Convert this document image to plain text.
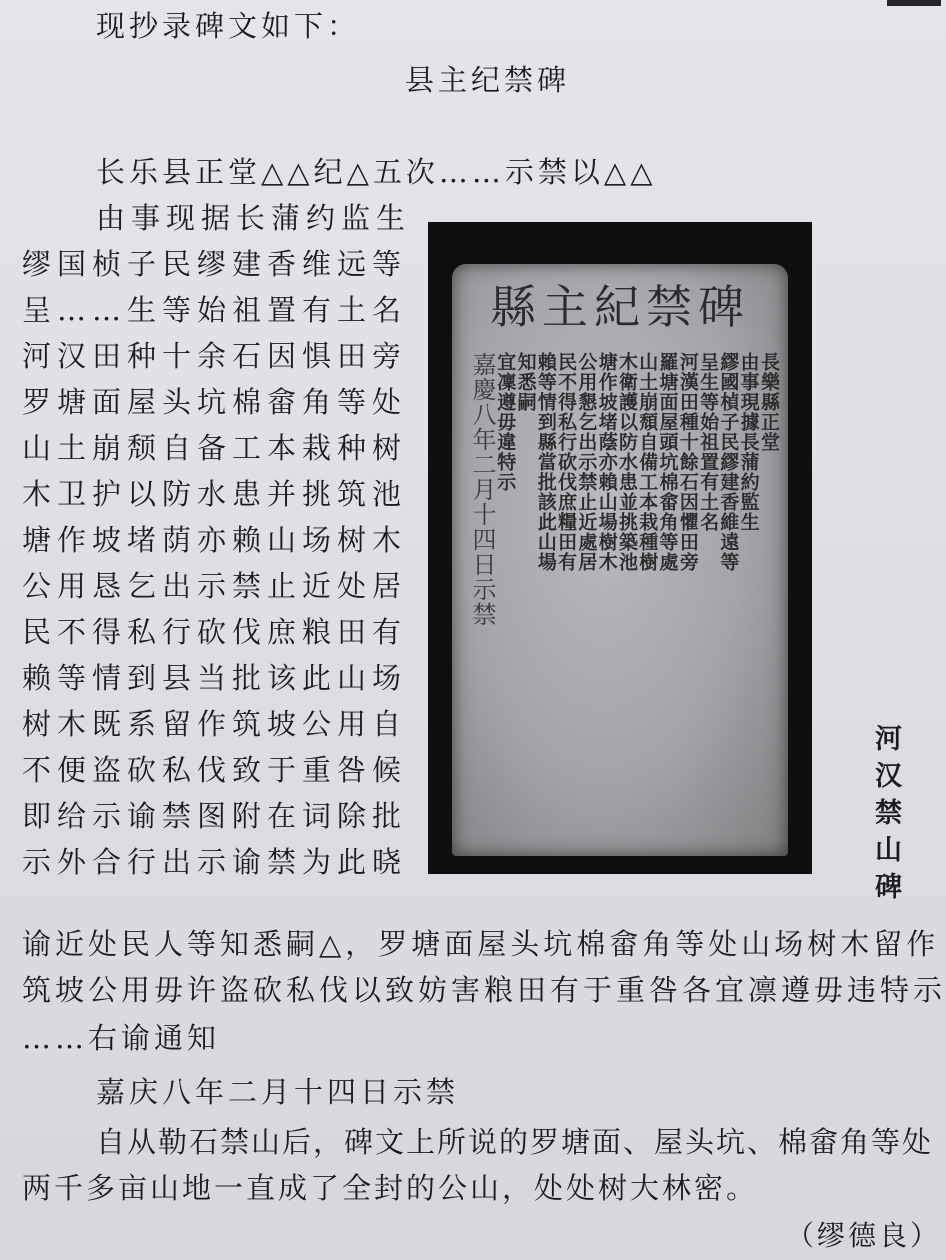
现抄录碑文如下：
县主纪禁碑
长乐县正堂△△纪△五次……示禁以△△
由事现据长蒲约监生
缪国桢子民缪建香维远等
呈……生等始祖置有土名
河汉田种十余石因惧田旁
罗塘面屋头坑棉畲角等处
山土崩颓自备工本栽种树
木卫护以防水患并挑筑池
塘作坡堵荫亦赖山场树木
公用恳乞出示禁止近处居
民不得私行砍伐庶粮田有
赖等情到县当批该此山场
树木既系留作筑坡公用自
不便盗砍私伐致于重咎候
即给示谕禁图附在词除批
示外合行出示谕禁为此晓
縣主紀禁碑
長樂縣正堂
由事現據長蒲約監生
繆國楨子民繆建香維遠等
呈生等始祖置有土名
河漢田種十餘石因懼田旁
羅塘面屋頭坑棉畲角等處
山土崩頹自備工本栽種樹
木衛護以防水患並挑築池
塘作坡堵蔭亦賴山場樹木
公用懇乞出示禁止近處居
民不得私行砍伐庶糧田有
賴等情到縣當批該此山場
知悉嗣
宜凜遵毋違特示
嘉慶八年二月十四日示禁
河汉禁山碑
谕近处民人等知悉嗣△，罗塘面屋头坑棉畲角等处山场树木留作
筑坡公用毋许盗砍私伐以致妨害粮田有于重咎各宜凛遵毋违特示
……右谕通知
嘉庆八年二月十四日示禁
自从勒石禁山后，碑文上所说的罗塘面、屋头坑、棉畲角等处
两千多亩山地一直成了全封的公山，处处树大林密。
（缪德良）
